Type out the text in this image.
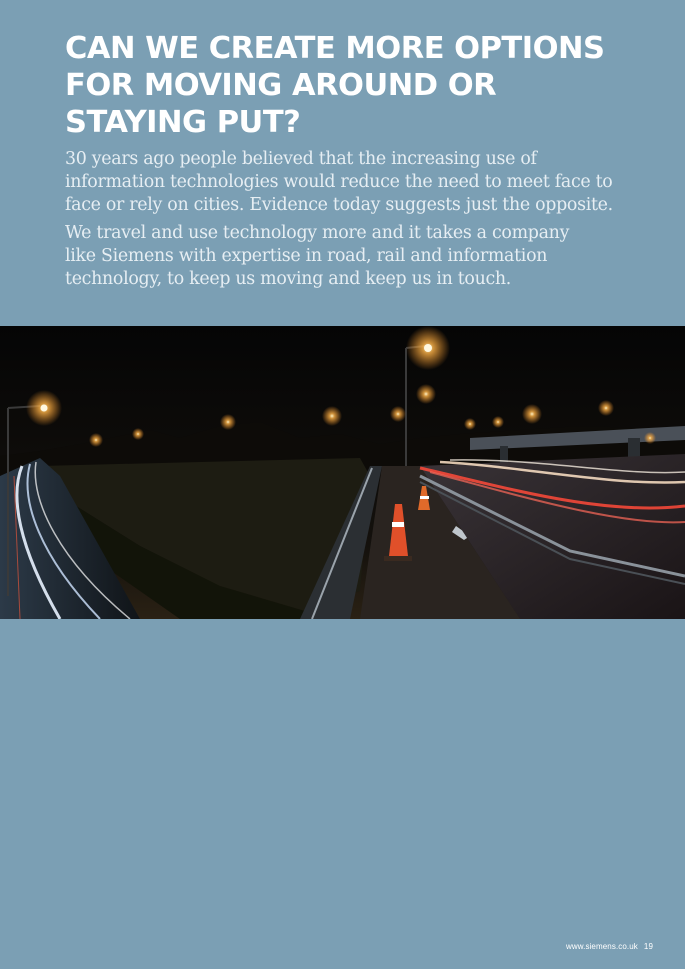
CAN WE CREATE MORE OPTIONS
FOR MOVING AROUND OR
STAYING PUT?

30 years ago people believed that the increasing use of
information technologies would reduce the need to meet face to
face or rely on cities. Evidence today suggests just the opposite.

We travel and use technology more and it takes a company
like Siemens with expertise in road, rail and information
technology, to keep us moving and keep us in touch.

www.siemens.co.uk 19
